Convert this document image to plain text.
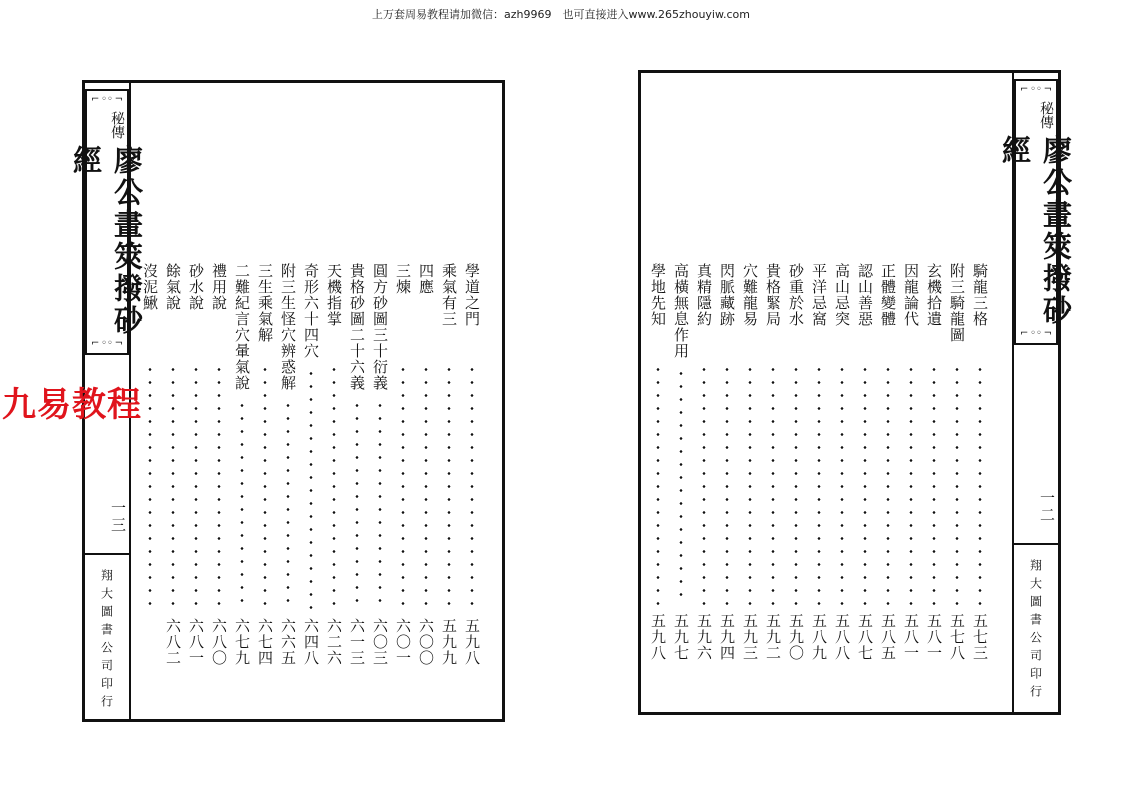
上万套周易教程请加微信：azh9969　也可直接进入www.265zhouyiw.com
⌐ ◦◦ ¬
秘傳
廖公畫筴撥砂經
⌐ ◦◦ ¬
一三
翔大圖書公司印行
學道之門
五九八
乘氣有三
五九九
四應
六〇〇
三煉
六〇一
圓方砂圖三十衍義
六〇三
貴格砂圖二十六義
六一三
天機指掌
六二六
奇形六十四穴
六四八
附三生怪穴辨惑解
六六五
三生乘氣解
六七四
二難紀言穴暈氣說
六七九
禮用說
六八〇
砂水說
六八一
餘氣說
六八二
沒泥鰍
⌐ ◦◦ ¬
秘傳
廖公畫筴撥砂經
⌐ ◦◦ ¬
一二
翔大圖書公司印行
騎龍三格
五七三
附三騎龍圖
五七八
玄機拾遺
五八一
因龍論代
五八一
正體變體
五八五
認山善惡
五八七
高山忌突
五八八
平洋忌窩
五八九
砂重於水
五九〇
貴格緊局
五九二
穴難龍易
五九三
閃脈藏跡
五九四
真精隱約
五九六
高橫無息作用
五九七
學地先知
五九八
九易教程
